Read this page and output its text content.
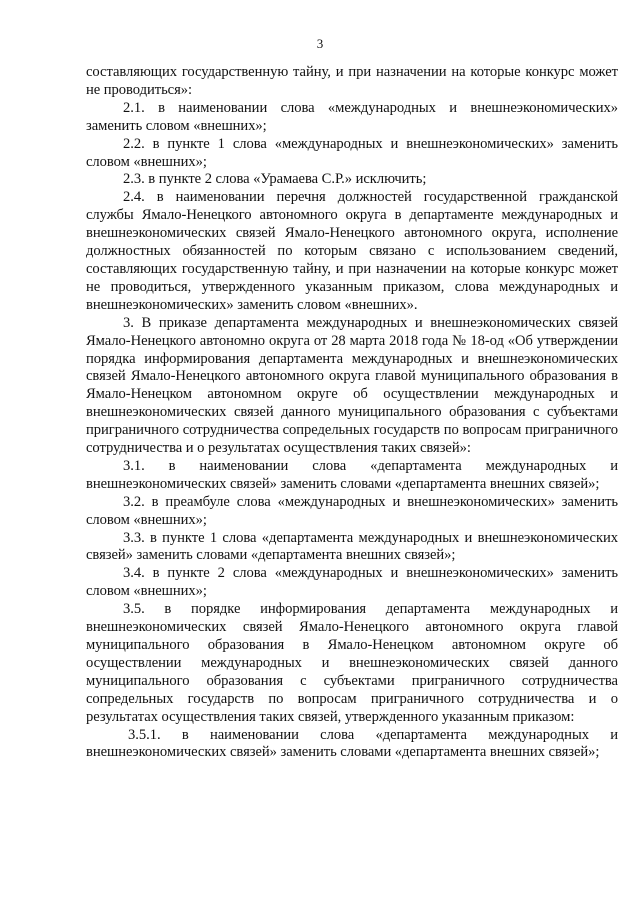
3

составляющих государственную тайну, и при назначении на которые конкурс может не проводиться»:

2.1. в наименовании слова «международных и внешнеэкономических» заменить словом «внешних»;

2.2. в пункте 1 слова «международных и внешнеэкономических» заменить словом «внешних»;

2.3. в пункте 2 слова «Урамаева С.Р.» исключить;

2.4. в наименовании перечня должностей государственной гражданской службы Ямало-Ненецкого автономного округа в департаменте международных и внешнеэкономических связей Ямало-Ненецкого автономного округа, исполнение должностных обязанностей по которым связано с использованием сведений, составляющих государственную тайну, и при назначении на которые конкурс может не проводиться, утвержденного указанным приказом, слова международных и внешнеэкономических» заменить словом «внешних».

3. В приказе департамента международных и внешнеэкономических связей Ямало-Ненецкого автономно округа от 28 марта 2018 года № 18-од «Об утверждении порядка информирования департамента международных и внешнеэкономических связей Ямало-Ненецкого автономного округа главой муниципального образования в Ямало-Ненецком автономном округе об осуществлении международных и внешнеэкономических связей данного муниципального образования с субъектами приграничного сотрудничества сопредельных государств по вопросам приграничного сотрудничества и о результатах осуществления таких связей»:

3.1. в наименовании слова «департамента международных и внешнеэкономических связей» заменить словами «департамента внешних связей»;

3.2. в преамбуле слова «международных и внешнеэкономических» заменить словом «внешних»;

3.3. в пункте 1 слова «департамента международных и внешнеэкономических связей» заменить словами «департамента внешних связей»;

3.4. в пункте 2 слова «международных и внешнеэкономических» заменить словом «внешних»;

3.5. в порядке информирования департамента международных и внешнеэкономических связей Ямало-Ненецкого автономного округа главой муниципального образования в Ямало-Ненецком автономном округе об осуществлении международных и внешнеэкономических связей данного муниципального образования с субъектами приграничного сотрудничества сопредельных государств по вопросам приграничного сотрудничества и о результатах осуществления таких связей, утвержденного указанным приказом:

3.5.1. в наименовании слова «департамента международных и внешнеэкономических связей» заменить словами «департамента внешних связей»;
